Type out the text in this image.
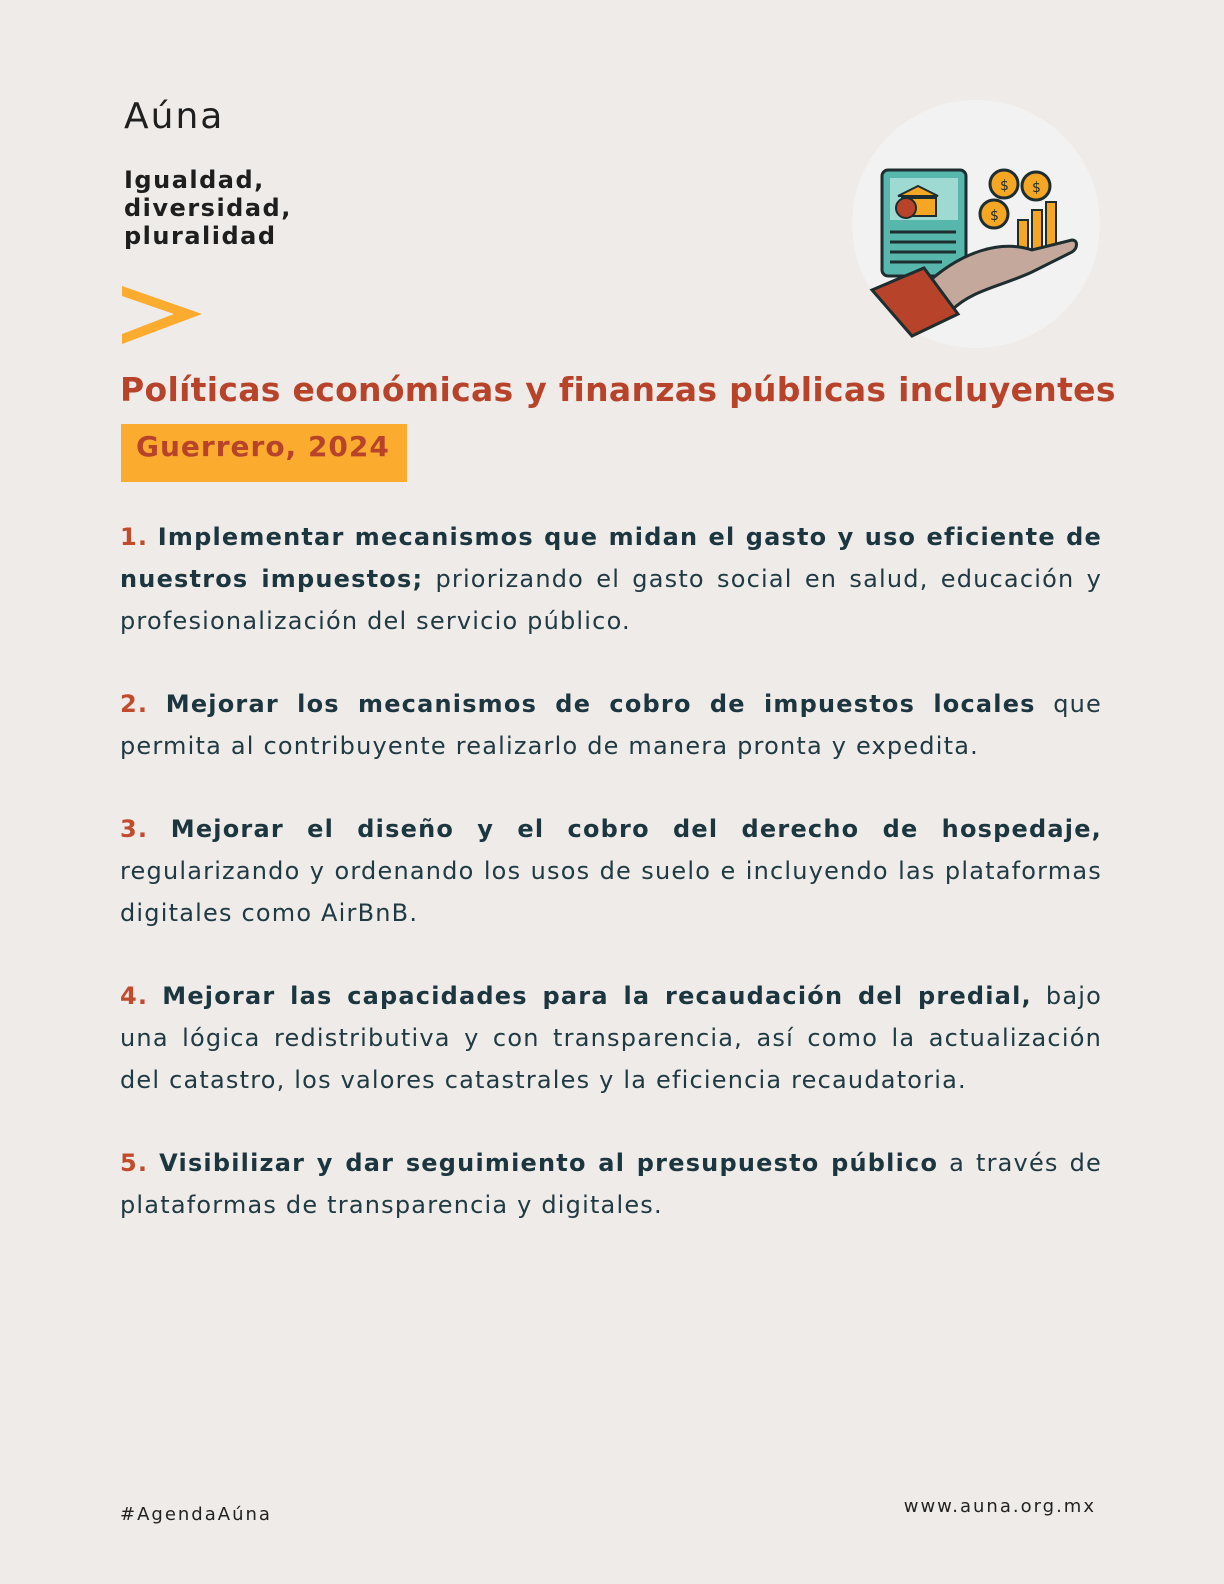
Aúna
Igualdad,
diversidad,
pluralidad
$ $
$
Políticas económicas y finanzas públicas incluyentes
Guerrero, 2024

1. Implementar mecanismos que midan el gasto y uso eficiente de nuestros impuestos; priorizando el gasto social en salud, educación y profesionalización del servicio público.

2. Mejorar los mecanismos de cobro de impuestos locales que permita al contribuyente realizarlo de manera pronta y expedita.

3. Mejorar el diseño y el cobro del derecho de hospedaje, regularizando y ordenando los usos de suelo e incluyendo las plataformas digitales como AirBnB.

4. Mejorar las capacidades para la recaudación del predial, bajo una lógica redistributiva y con transparencia, así como la actualización del catastro, los valores catastrales y la eficiencia recaudatoria.

5. Visibilizar y dar seguimiento al presupuesto público a través de plataformas de transparencia y digitales.

#AgendaAúna	www.auna.org.mx
